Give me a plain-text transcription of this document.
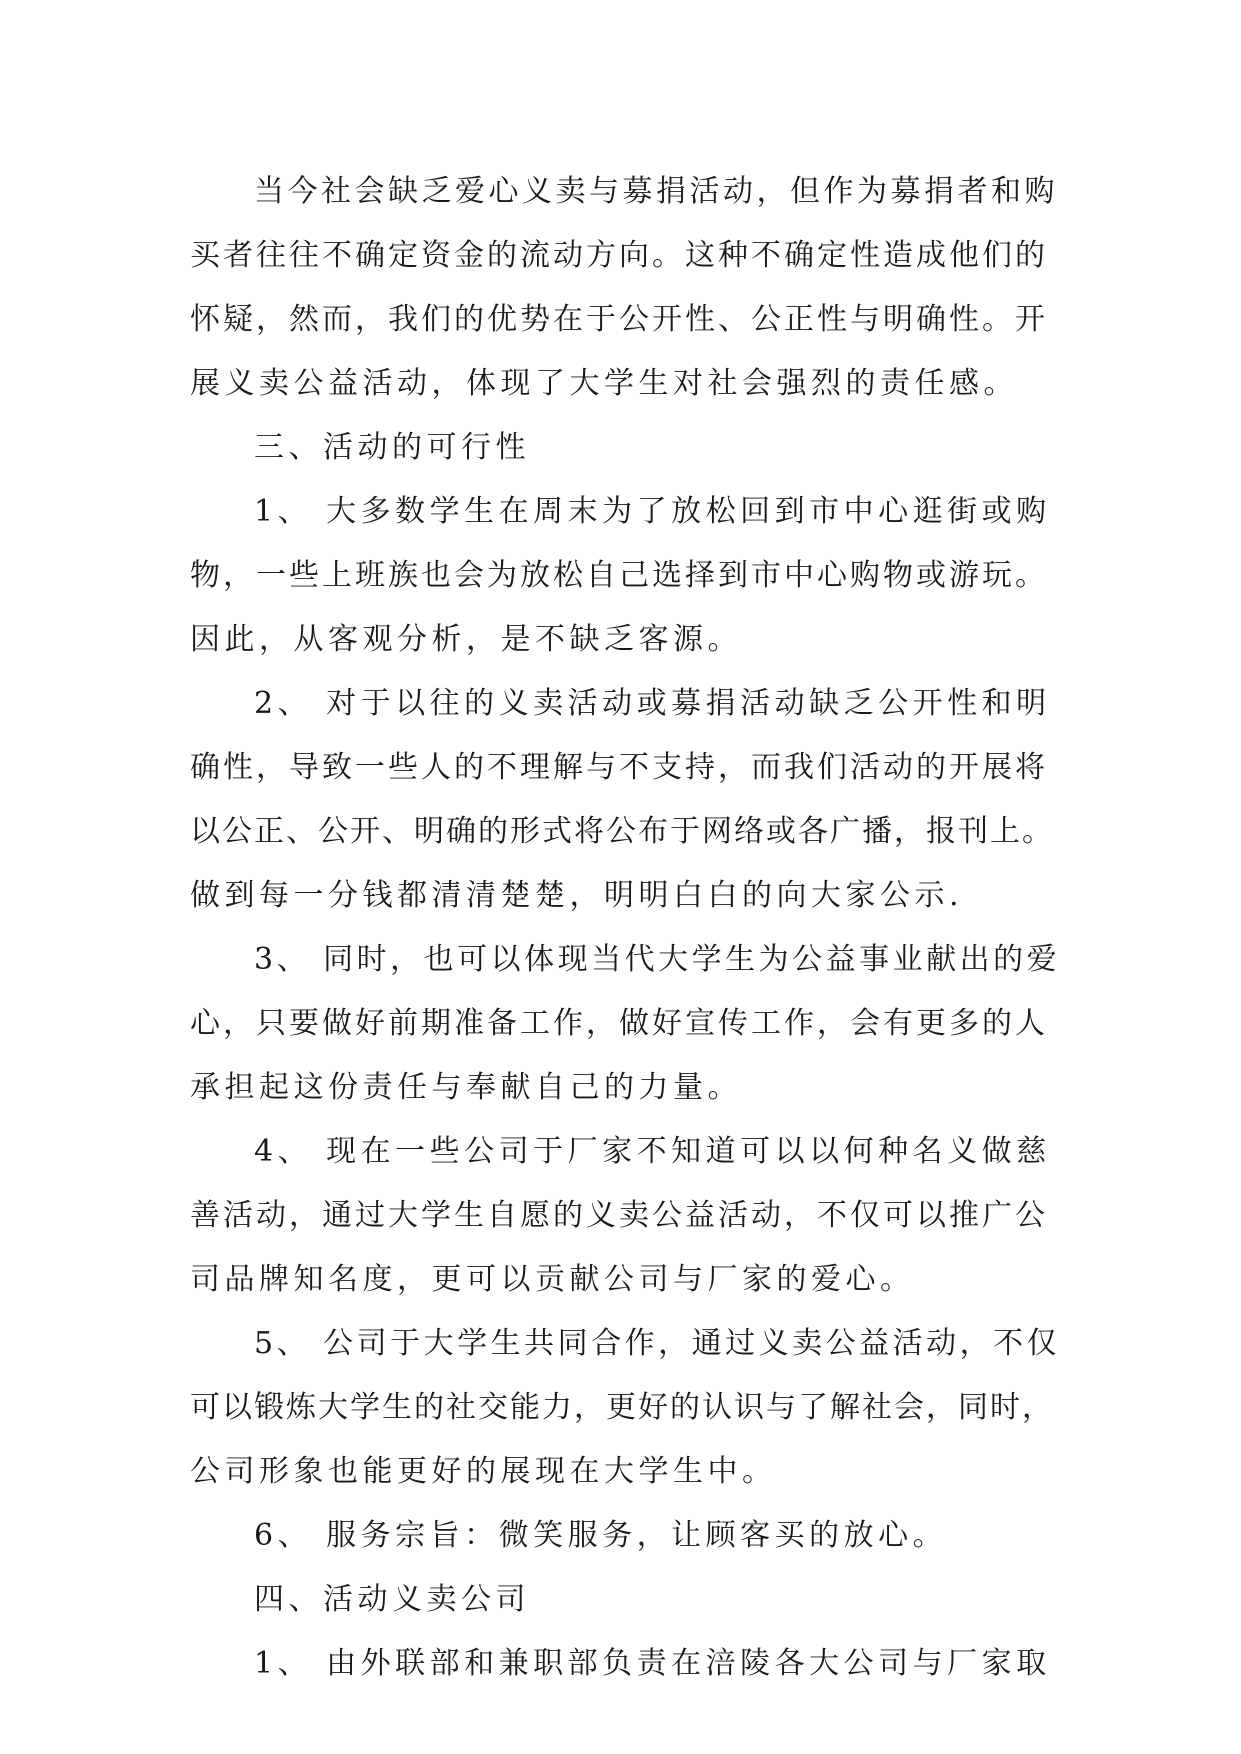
当今社会缺乏爱心义卖与募捐活动，但作为募捐者和购
买者往往不确定资金的流动方向。这种不确定性造成他们的
怀疑，然而，我们的优势在于公开性、公正性与明确性。开
展义卖公益活动，体现了大学生对社会强烈的责任感。
三、活动的可行性
1、 大多数学生在周末为了放松回到市中心逛街或购
物，一些上班族也会为放松自己选择到市中心购物或游玩。
因此，从客观分析，是不缺乏客源。
2、 对于以往的义卖活动或募捐活动缺乏公开性和明
确性，导致一些人的不理解与不支持，而我们活动的开展将
以公正、公开、明确的形式将公布于网络或各广播，报刊上。
做到每一分钱都清清楚楚，明明白白的向大家公示.
3、 同时，也可以体现当代大学生为公益事业献出的爱
心，只要做好前期准备工作，做好宣传工作，会有更多的人
承担起这份责任与奉献自己的力量。
4、 现在一些公司于厂家不知道可以以何种名义做慈
善活动，通过大学生自愿的义卖公益活动，不仅可以推广公
司品牌知名度，更可以贡献公司与厂家的爱心。
5、 公司于大学生共同合作，通过义卖公益活动，不仅
可以锻炼大学生的社交能力，更好的认识与了解社会，同时，
公司形象也能更好的展现在大学生中。
6、 服务宗旨：微笑服务，让顾客买的放心。
四、活动义卖公司
1、 由外联部和兼职部负责在涪陵各大公司与厂家取
